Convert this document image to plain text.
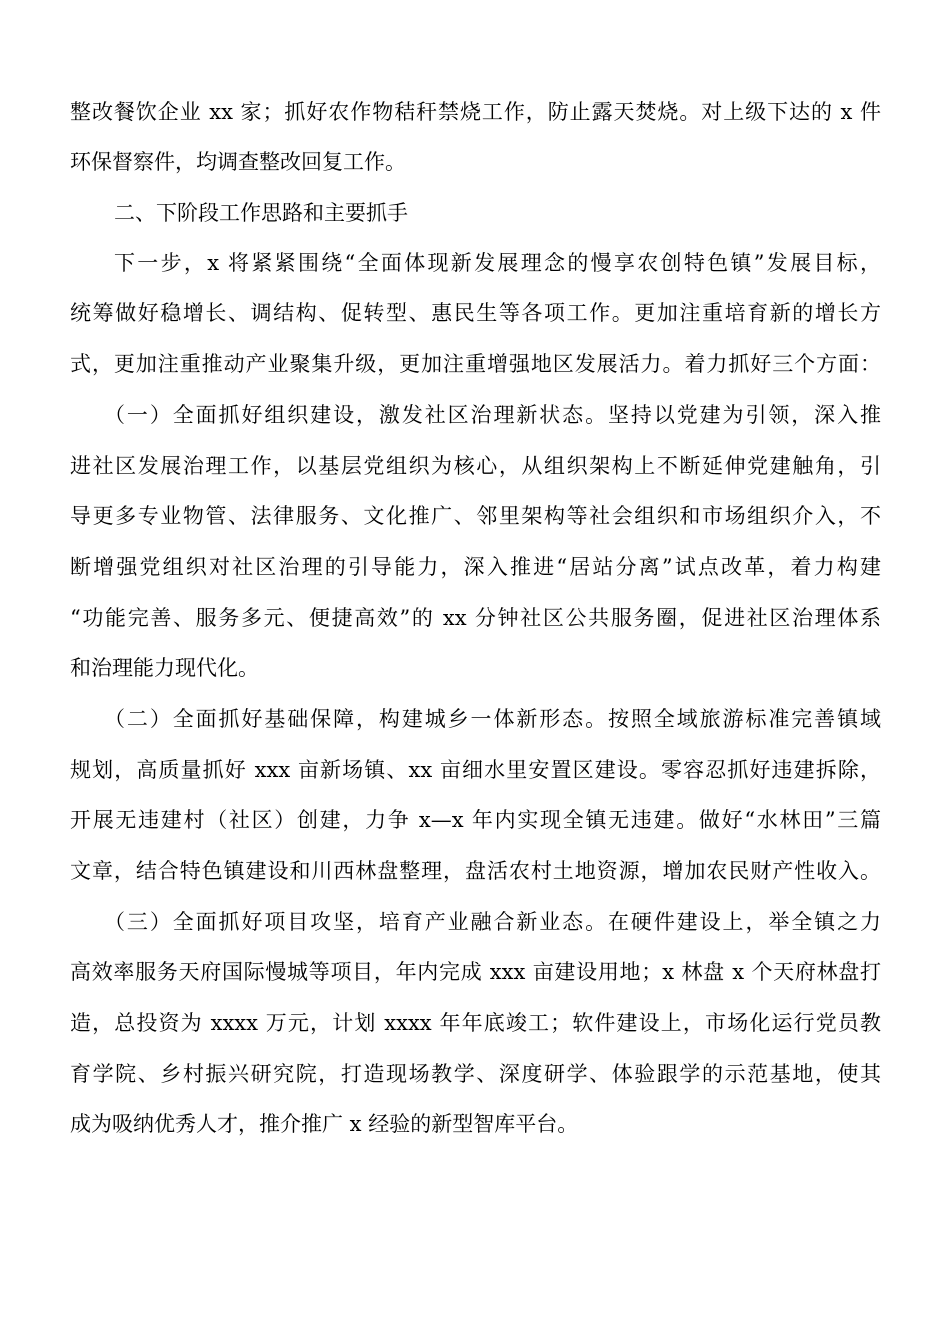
整改餐饮企业 xx 家；抓好农作物秸秆禁烧工作，防止露天焚烧。对上级下达的 x 件
环保督察件，均调查整改回复工作。
二、下阶段工作思路和主要抓手
下一步，x 将紧紧围绕“全面体现新发展理念的慢享农创特色镇”发展目标，
统筹做好稳增长、调结构、促转型、惠民生等各项工作。更加注重培育新的增长方
式，更加注重推动产业聚集升级，更加注重增强地区发展活力。着力抓好三个方面：
（一）全面抓好组织建设，激发社区治理新状态。坚持以党建为引领，深入推
进社区发展治理工作，以基层党组织为核心，从组织架构上不断延伸党建触角，引
导更多专业物管、法律服务、文化推广、邻里架构等社会组织和市场组织介入，不
断增强党组织对社区治理的引导能力，深入推进“居站分离”试点改革，着力构建
“功能完善、服务多元、便捷高效”的 xx 分钟社区公共服务圈，促进社区治理体系
和治理能力现代化。
（二）全面抓好基础保障，构建城乡一体新形态。按照全域旅游标准完善镇域
规划，高质量抓好 xxx 亩新场镇、xx 亩细水里安置区建设。零容忍抓好违建拆除，
开展无违建村（社区）创建，力争 x—x 年内实现全镇无违建。做好“水林田”三篇
文章，结合特色镇建设和川西林盘整理，盘活农村土地资源，增加农民财产性收入。
（三）全面抓好项目攻坚，培育产业融合新业态。在硬件建设上，举全镇之力
高效率服务天府国际慢城等项目，年内完成 xxx 亩建设用地；x 林盘 x 个天府林盘打
造，总投资为 xxxx 万元，计划 xxxx 年年底竣工；软件建设上，市场化运行党员教
育学院、乡村振兴研究院，打造现场教学、深度研学、体验跟学的示范基地，使其
成为吸纳优秀人才，推介推广 x 经验的新型智库平台。
